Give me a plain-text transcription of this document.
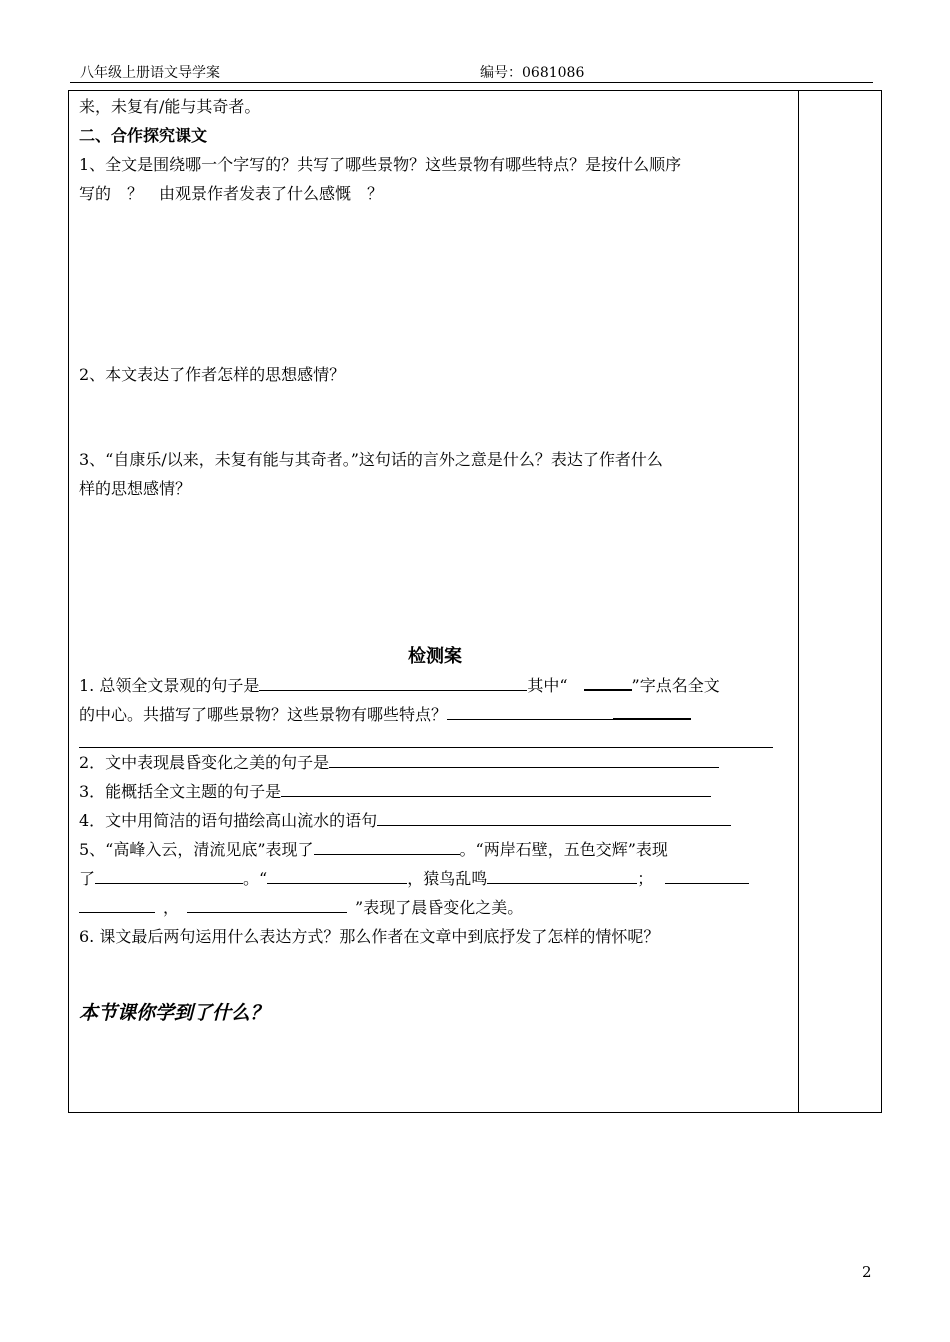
八年级上册语文导学案	编号：0681086

来，未复有/能与其奇者。

二、合作探究课文

1、全文是围绕哪一个字写的？共写了哪些景物？这些景物有哪些特点？是按什么顺序

写的　？　由观景作者发表了什么感慨　？

2、本文表达了作者怎样的思想感情？

3、“自康乐/以来，未复有能与其奇者。”这句话的言外之意是什么？表达了作者什么

样的思想感情？

检测案

1. 总领全文景观的句子是	其中“	”字点名全文

的中心。共描写了哪些景物？这些景物有哪些特点？

2．文中表现晨昏变化之美的句子是

3．能概括全文主题的句子是

4．文中用简洁的语句描绘高山流水的语句

5、“高峰入云，清流见底”表现了	。“两岸石壁，五色交辉”表现

了	。“	，猿鸟乱鸣	；

，	”表现了晨昏变化之美。

6. 课文最后两句运用什么表达方式？那么作者在文章中到底抒发了怎样的情怀呢？

本节课你学到了什么？

2
